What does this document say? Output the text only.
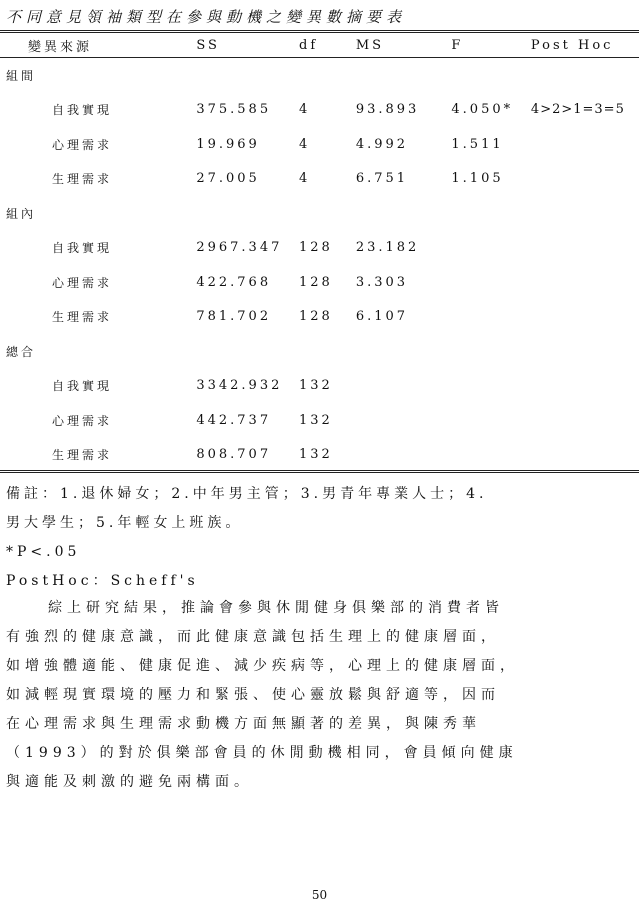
不同意見領袖類型在參與動機之變異數摘要表
變異來源	SS	df	MS	F	Post Hoc
組間					
自我實現	375.585	4	93.893	4.050*	4>2>1=3=5
心理需求	19.969	4	4.992	1.511	
生理需求	27.005	4	6.751	1.105	
組內					
自我實現	2967.347	128	23.182		
心理需求	422.768	128	3.303		
生理需求	781.702	128	6.107		
總合					
自我實現	3342.932	132			
心理需求	442.737	132			
生理需求	808.707	132			
備註：1.退休婦女；2.中年男主管；3.男青年專業人士；4.
男大學生；5.年輕女上班族。
*P<.05
PostHoc：Scheff's
綜上研究結果，推論會參與休閒健身俱樂部的消費者皆
有強烈的健康意識，而此健康意識包括生理上的健康層面，
如增強體適能、健康促進、減少疾病等，心理上的健康層面，
如減輕現實環境的壓力和緊張、使心靈放鬆與舒適等，因而
在心理需求與生理需求動機方面無顯著的差異，與陳秀華
（1993）的對於俱樂部會員的休閒動機相同，會員傾向健康
與適能及刺激的避免兩構面。
50
